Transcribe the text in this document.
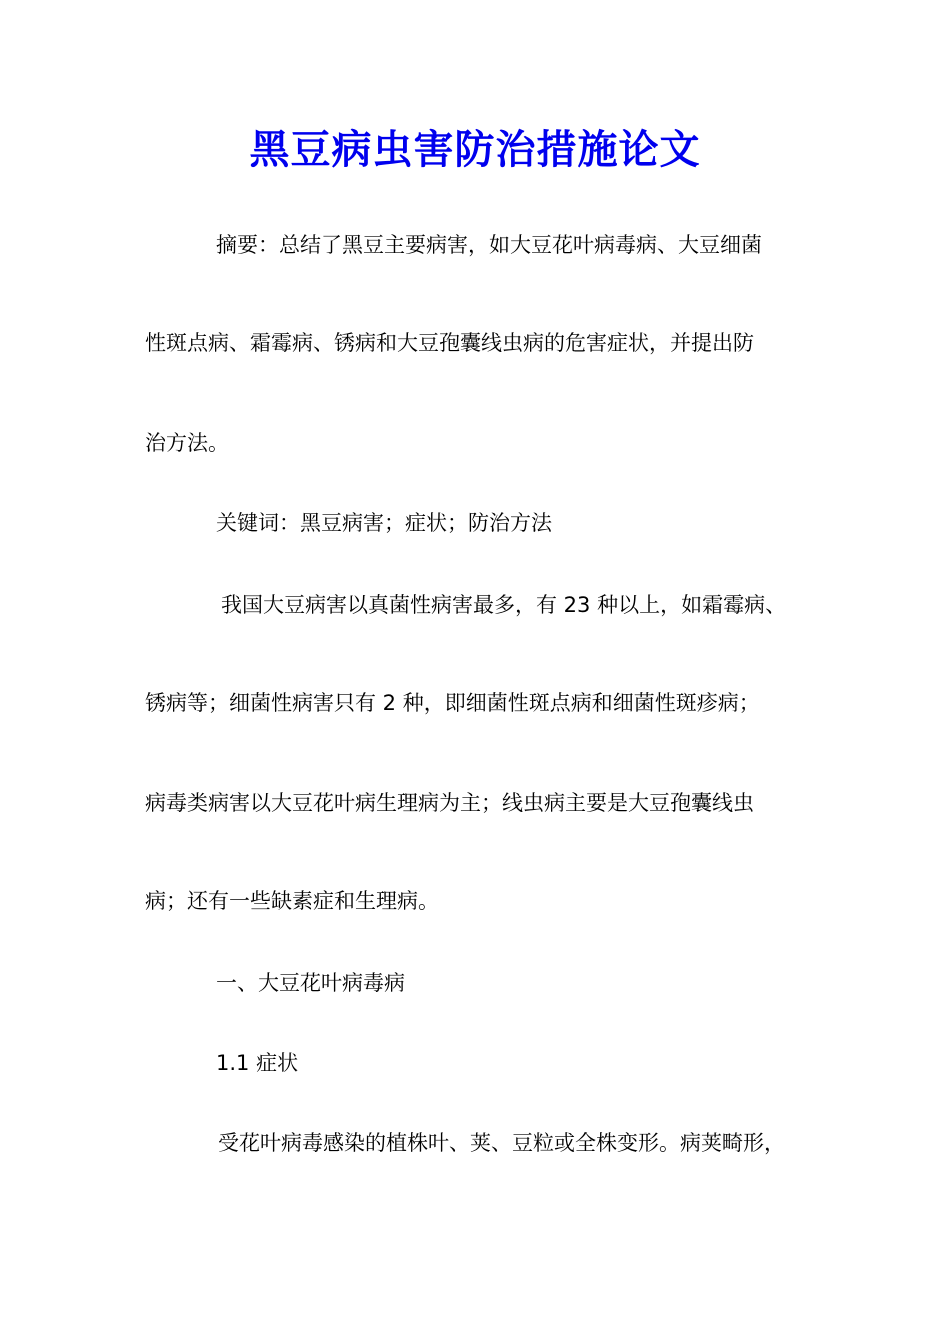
黑豆病虫害防治措施论文

摘要：总结了黑豆主要病害，如大豆花叶病毒病、大豆细菌

性斑点病、霜霉病、锈病和大豆孢囊线虫病的危害症状，并提出防

治方法。

关键词：黑豆病害；症状；防治方法

我国大豆病害以真菌性病害最多，有 23 种以上，如霜霉病、

锈病等；细菌性病害只有 2 种，即细菌性斑点病和细菌性斑疹病；

病毒类病害以大豆花叶病生理病为主；线虫病主要是大豆孢囊线虫

病；还有一些缺素症和生理病。

一、大豆花叶病毒病

1.1 症状

受花叶病毒感染的植株叶、荚、豆粒或全株变形。病荚畸形，
